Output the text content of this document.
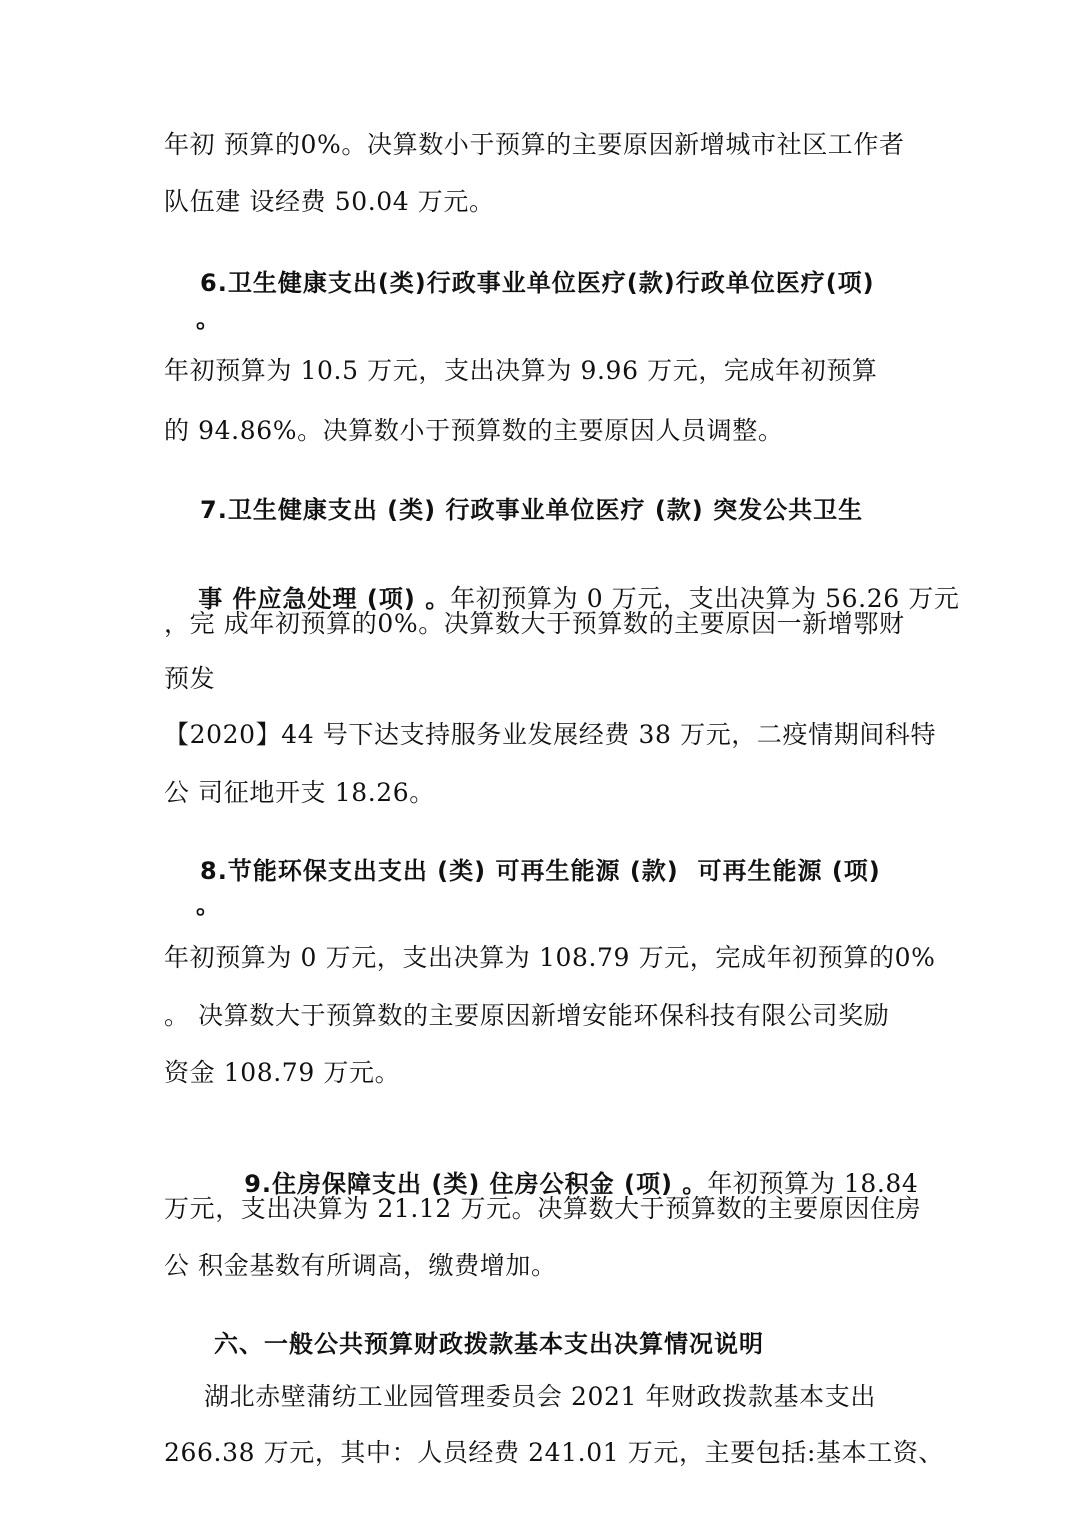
年初 预算的0%。决算数小于预算的主要原因新增城市社区工作者
队伍建 设经费 50.04 万元。
6.卫生健康支出(类)行政事业单位医疗(款)行政单位医疗(项)
。
年初预算为 10.5 万元，支出决算为 9.96 万元，完成年初预算
的 94.86%。决算数小于预算数的主要原因人员调整。
7.卫生健康支出 (类) 行政事业单位医疗 (款) 突发公共卫生

事 件应急处理 (项) 。年初预算为 0 万元，支出决算为 56.26 万元

，完 成年初预算的0%。决算数大于预算数的主要原因一新增鄂财
预发
【2020】44 号下达支持服务业发展经费 38 万元，二疫情期间科特
公 司征地开支 18.26。
8.节能环保支出支出 (类) 可再生能源 (款)  可再生能源 (项)
。
年初预算为 0 万元，支出决算为 108.79 万元，完成年初预算的0%
。 决算数大于预算数的主要原因新增安能环保科技有限公司奖励
资金 108.79 万元。

9.住房保障支出 (类) 住房公积金 (项) 。年初预算为 18.84

万元，支出决算为 21.12 万元。决算数大于预算数的主要原因住房
公 积金基数有所调高，缴费增加。
六、一般公共预算财政拨款基本支出决算情况说明
湖北赤壁蒲纺工业园管理委员会 2021 年财政拨款基本支出
266.38 万元，其中：人员经费 241.01 万元，主要包括:基本工资、
